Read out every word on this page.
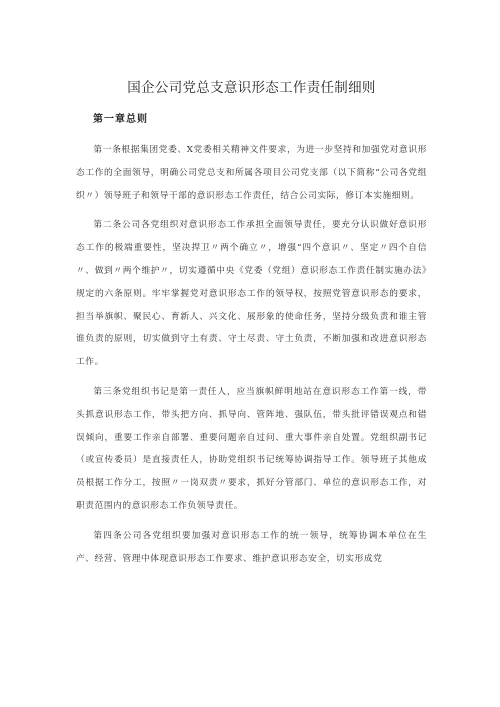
国企公司党总支意识形态工作责任制细则
第一章总则

第一条根据集团党委、X党委相关精神文件要求，为进一步坚持和加强党对意识形态工作的全面领导，明确公司党总支和所属各项目公司党支部（以下简称“公司各党组织〃）领导班子和领导干部的意识形态工作责任，结合公司实际，修订本实施细则。

第二条公司各党组织对意识形态工作承担全面领导责任，要充分认识做好意识形态工作的极端重要性，坚决捍卫〃两个确立〃，增强“四个意识〃、坚定〃四个自信〃、做到〃两个维护〃，切实遵循中央《党委（党组）意识形态工作责任制实施办法》规定的六条原则。牢牢掌握党对意识形态工作的领导权，按照党管意识形态的要求，担当举旗帜、聚民心、育新人、兴文化、展形象的使命任务，坚持分级负责和谁主管谁负责的原则，切实做到守土有责、守土尽责、守土负责，不断加强和改进意识形态工作。

第三条党组织书记是第一责任人，应当旗帜鲜明地站在意识形态工作第一线，带头抓意识形态工作，带头把方向、抓导向、管阵地、强队伍，带头批评错误观点和错误倾向，重要工作亲自部署、重要问题亲自过问、重大事件亲自处置。党组织副书记（或宣传委员）是直接责任人，协助党组织书记统筹协调指导工作。领导班子其他成员根据工作分工，按照〃一岗双责〃要求，抓好分管部门、单位的意识形态工作，对职责范围内的意识形态工作负领导责任。

第四条公司各党组织要加强对意识形态工作的统一领导，统筹协调本单位在生产、经营、管理中体现意识形态工作要求、维护意识形态安全，切实形成党
